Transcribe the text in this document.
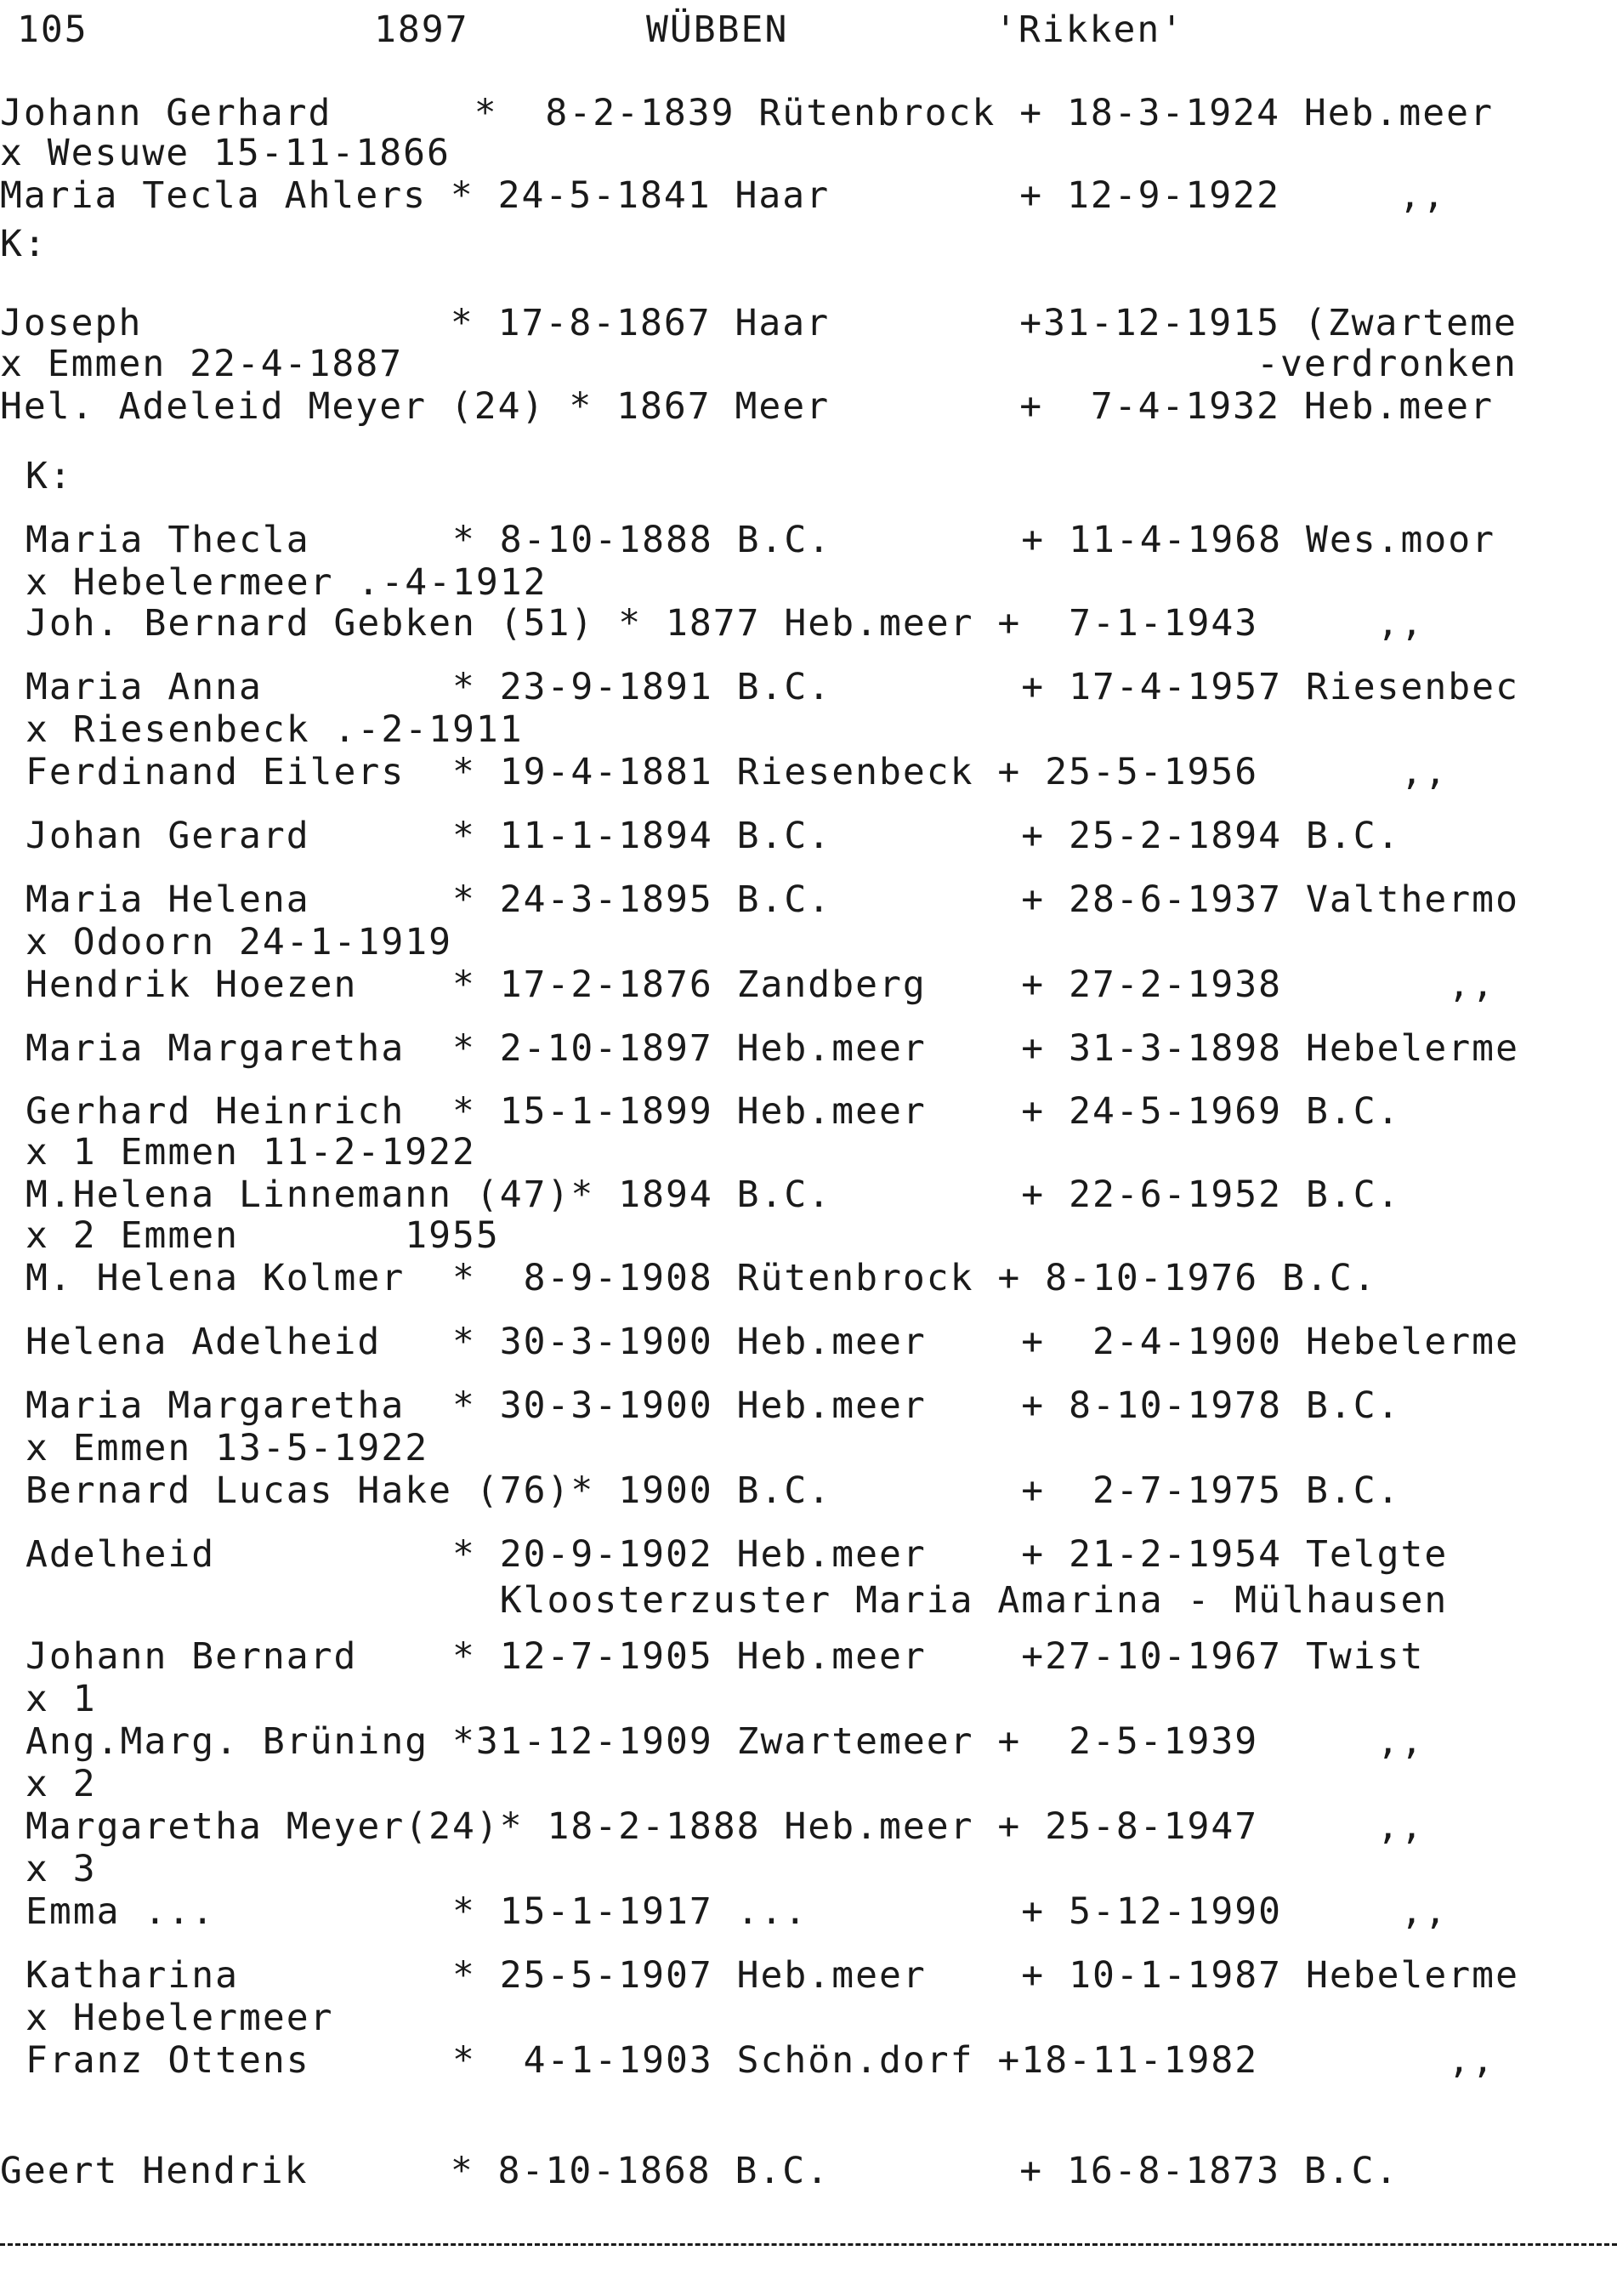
105

	1897

	WÜBBEN

	'Rikken'

Johann Gerhard      *  8-2-1839 Rütenbrock + 18-3-1924 Heb.meer
x Wesuwe 15-11-1866
Maria Tecla Ahlers * 24-5-1841 Haar        + 12-9-1922     ,,
K:
Joseph             * 17-8-1867 Haar        +31-12-1915 (Zwarteme
x Emmen 22-4-1887                                    -verdronken
Hel. Adeleid Meyer (24) * 1867 Meer        +  7-4-1932 Heb.meer
K:
Maria Thecla      * 8-10-1888 B.C.        + 11-4-1968 Wes.moor
x Hebelermeer .-4-1912
Joh. Bernard Gebken (51) * 1877 Heb.meer +  7-1-1943     ,,
Maria Anna        * 23-9-1891 B.C.        + 17-4-1957 Riesenbec
x Riesenbeck .-2-1911
Ferdinand Eilers  * 19-4-1881 Riesenbeck + 25-5-1956      ,,
Johan Gerard      * 11-1-1894 B.C.        + 25-2-1894 B.C.
Maria Helena      * 24-3-1895 B.C.        + 28-6-1937 Valthermo
x Odoorn 24-1-1919
Hendrik Hoezen    * 17-2-1876 Zandberg    + 27-2-1938       ,,
Maria Margaretha  * 2-10-1897 Heb.meer    + 31-3-1898 Hebelerme
Gerhard Heinrich  * 15-1-1899 Heb.meer    + 24-5-1969 B.C.
x 1 Emmen 11-2-1922
M.Helena Linnemann (47)* 1894 B.C.        + 22-6-1952 B.C.
x 2 Emmen       1955
M. Helena Kolmer  *  8-9-1908 Rütenbrock + 8-10-1976 B.C.
Helena Adelheid   * 30-3-1900 Heb.meer    +  2-4-1900 Hebelerme
Maria Margaretha  * 30-3-1900 Heb.meer    + 8-10-1978 B.C.
x Emmen 13-5-1922
Bernard Lucas Hake (76)* 1900 B.C.        +  2-7-1975 B.C.
Adelheid          * 20-9-1902 Heb.meer    + 21-2-1954 Telgte
Kloosterzuster Maria Amarina - Mülhausen
Johann Bernard    * 12-7-1905 Heb.meer    +27-10-1967 Twist
x 1
Ang.Marg. Brüning *31-12-1909 Zwartemeer +  2-5-1939     ,,
x 2
Margaretha Meyer(24)* 18-2-1888 Heb.meer + 25-8-1947     ,,
x 3
Emma ...          * 15-1-1917 ...         + 5-12-1990     ,,
Katharina         * 25-5-1907 Heb.meer    + 10-1-1987 Hebelerme
x Hebelermeer
Franz Ottens      *  4-1-1903 Schön.dorf +18-11-1982        ,,
Geert Hendrik      * 8-10-1868 B.C.        + 16-8-1873 B.C.
